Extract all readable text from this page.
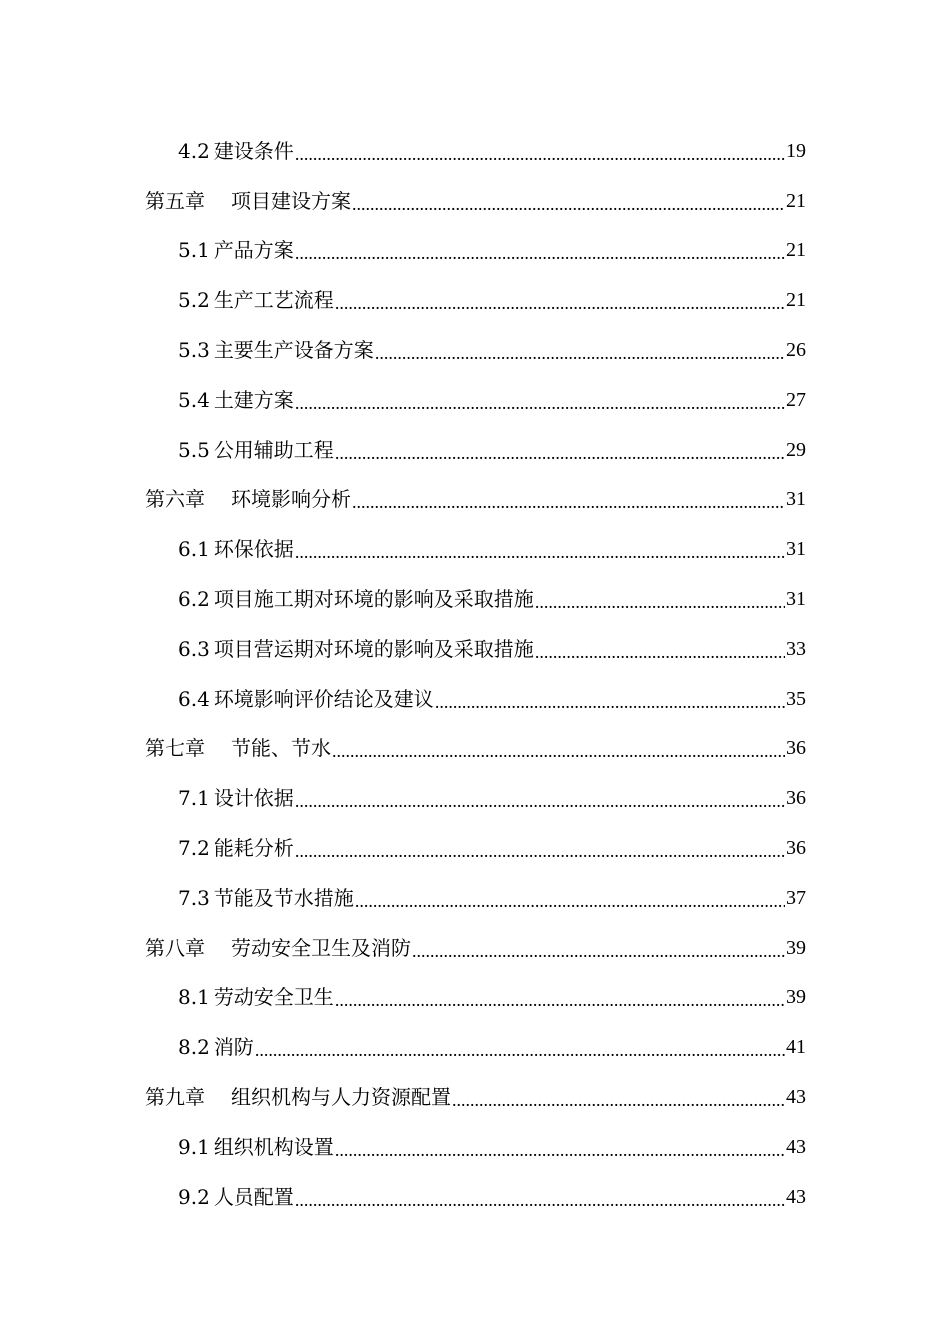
4.2 建设条件 .....	19
第五章 项目建设方案 .....	21
5.1 产品方案 .....	21
5.2 生产工艺流程 .....	21
5.3 主要生产设备方案 .....	26
5.4 土建方案 .....	27
5.5 公用辅助工程 .....	29
第六章 环境影响分析 .....	31
6.1 环保依据 .....	31
6.2 项目施工期对环境的影响及采取措施 .....	31
6.3 项目营运期对环境的影响及采取措施 .....	33
6.4 环境影响评价结论及建议 .....	35
第七章 节能、节水 .....	36
7.1 设计依据 .....	36
7.2 能耗分析 .....	36
7.3 节能及节水措施 .....	37
第八章 劳动安全卫生及消防 .....	39
8.1 劳动安全卫生 .....	39
8.2 消防 .....	41
第九章 组织机构与人力资源配置 .....	43
9.1 组织机构设置 .....	43
9.2 人员配置 .....	43
